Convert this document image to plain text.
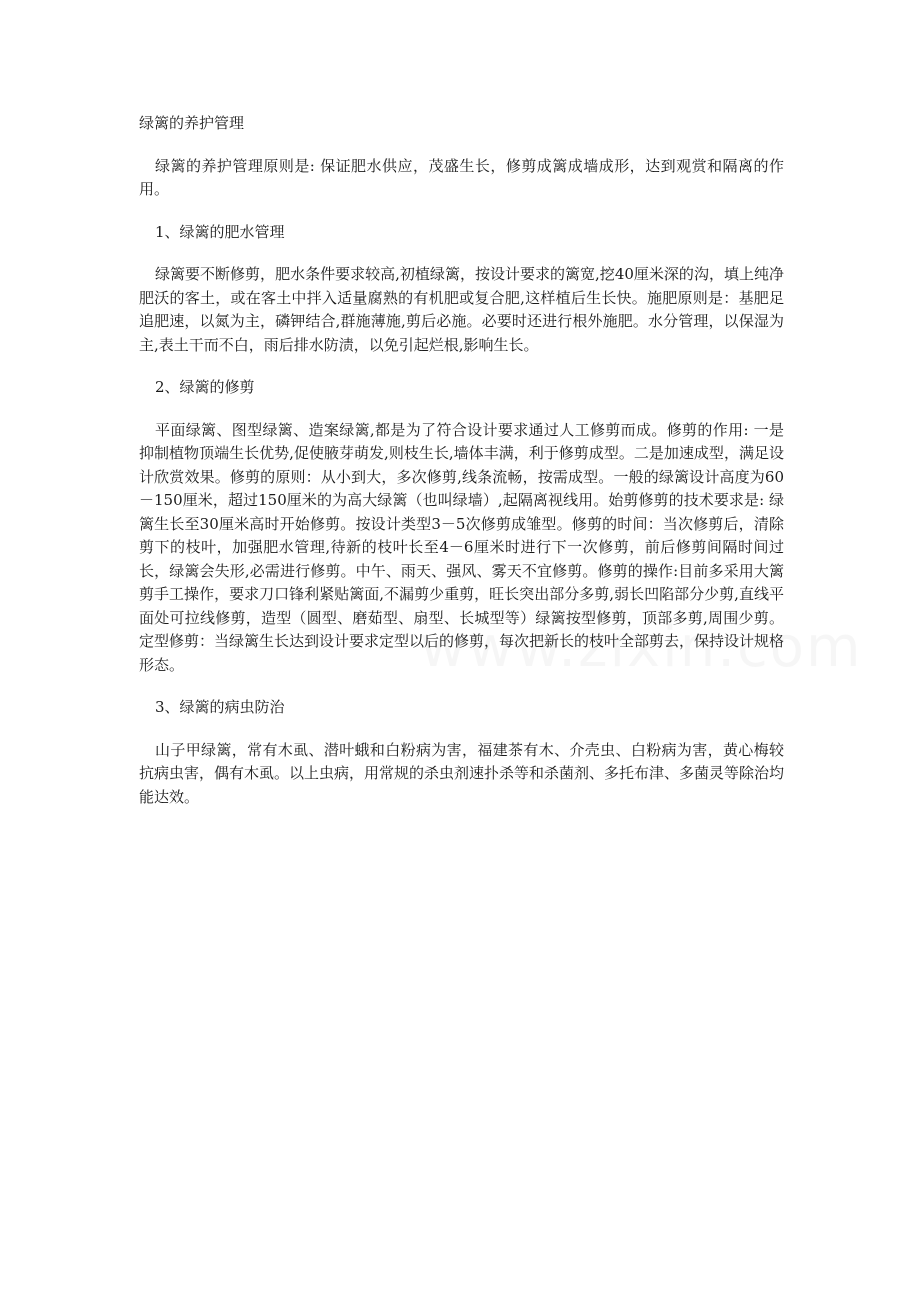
绿篱的养护管理

绿篱的养护管理原则是: 保证肥水供应，茂盛生长，修剪成篱成墙成形，达到观赏和隔离的作用。

1、绿篱的肥水管理

绿篱要不断修剪，肥水条件要求较高,初植绿篱，按设计要求的篱宽,挖40厘米深的沟，填上纯净肥沃的客土，或在客土中拌入适量腐熟的有机肥或复合肥,这样植后生长快。施肥原则是：基肥足追肥速，以氮为主，磷钾结合,群施薄施,剪后必施。必要时还进行根外施肥。水分管理，以保湿为主,表土干而不白，雨后排水防渍，以免引起烂根,影响生长。

2、绿篱的修剪

平面绿篱、图型绿篱、造案绿篱,都是为了符合设计要求通过人工修剪而成。修剪的作用: 一是抑制植物顶端生长优势,促使腋芽萌发,则枝生长,墙体丰满，利于修剪成型。二是加速成型，满足设计欣赏效果。修剪的原则：从小到大，多次修剪,线条流畅，按需成型。一般的绿篱设计高度为60－150厘米，超过150厘米的为高大绿篱（也叫绿墙）,起隔离视线用。始剪修剪的技术要求是: 绿篱生长至30厘米高时开始修剪。按设计类型3－5次修剪成雏型。修剪的时间：当次修剪后，清除剪下的枝叶，加强肥水管理,待新的枝叶长至4－6厘米时进行下一次修剪，前后修剪间隔时间过长，绿篱会失形,必需进行修剪。中午、雨天、强风、雾天不宜修剪。修剪的操作:目前多采用大篱剪手工操作，要求刀口锋利紧贴篱面,不漏剪少重剪，旺长突出部分多剪,弱长凹陷部分少剪,直线平面处可拉线修剪，造型（圆型、磨茹型、扇型、长城型等）绿篱按型修剪，顶部多剪,周围少剪。定型修剪：当绿篱生长达到设计要求定型以后的修剪，每次把新长的枝叶全部剪去，保持设计规格形态。

3、绿篱的病虫防治

山子甲绿篱，常有木虱、潜叶蛾和白粉病为害，福建茶有木、介壳虫、白粉病为害，黄心梅较抗病虫害，偶有木虱。以上虫病，用常规的杀虫剂速扑杀等和杀菌剂、多托布津、多菌灵等除治均能达效。
